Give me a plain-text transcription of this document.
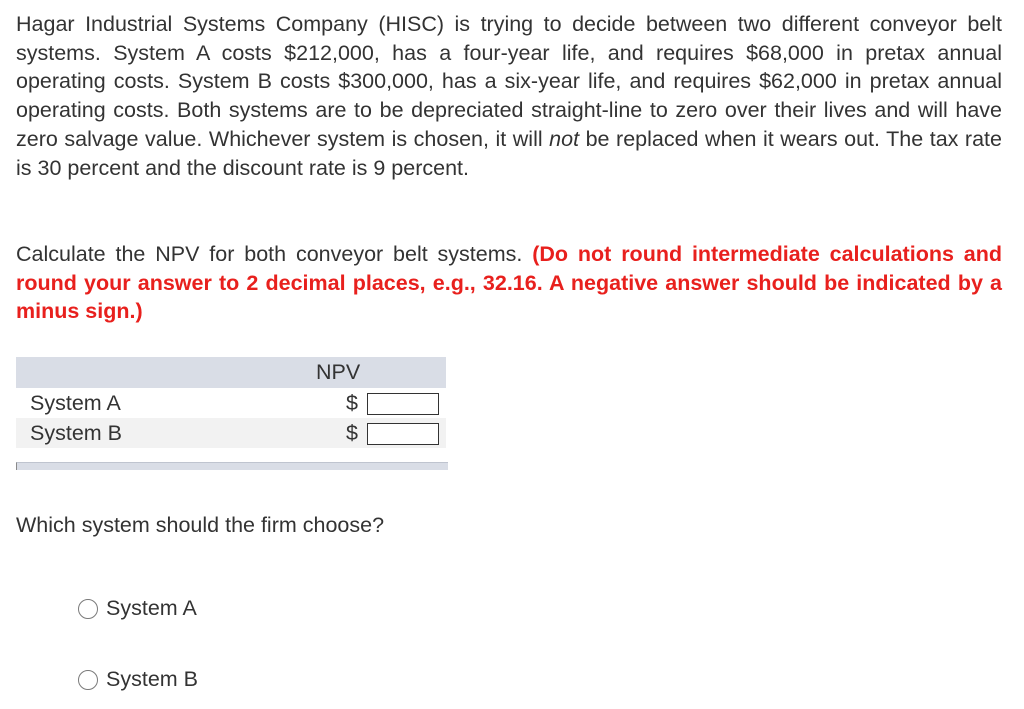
Hagar Industrial Systems Company (HISC) is trying to decide between two different conveyor belt systems. System A costs $212,000, has a four-year life, and requires $68,000 in pretax annual operating costs. System B costs $300,000, has a six-year life, and requires $62,000 in pretax annual operating costs. Both systems are to be depreciated straight-line to zero over their lives and will have zero salvage value. Whichever system is chosen, it will not be replaced when it wears out. The tax rate is 30 percent and the discount rate is 9 percent.
Calculate the NPV for both conveyor belt systems. (Do not round intermediate calculations and round your answer to 2 decimal places, e.g., 32.16. A negative answer should be indicated by a minus sign.)
NPV	
System A	$
System B	$
Which system should the firm choose?
System A
System B
